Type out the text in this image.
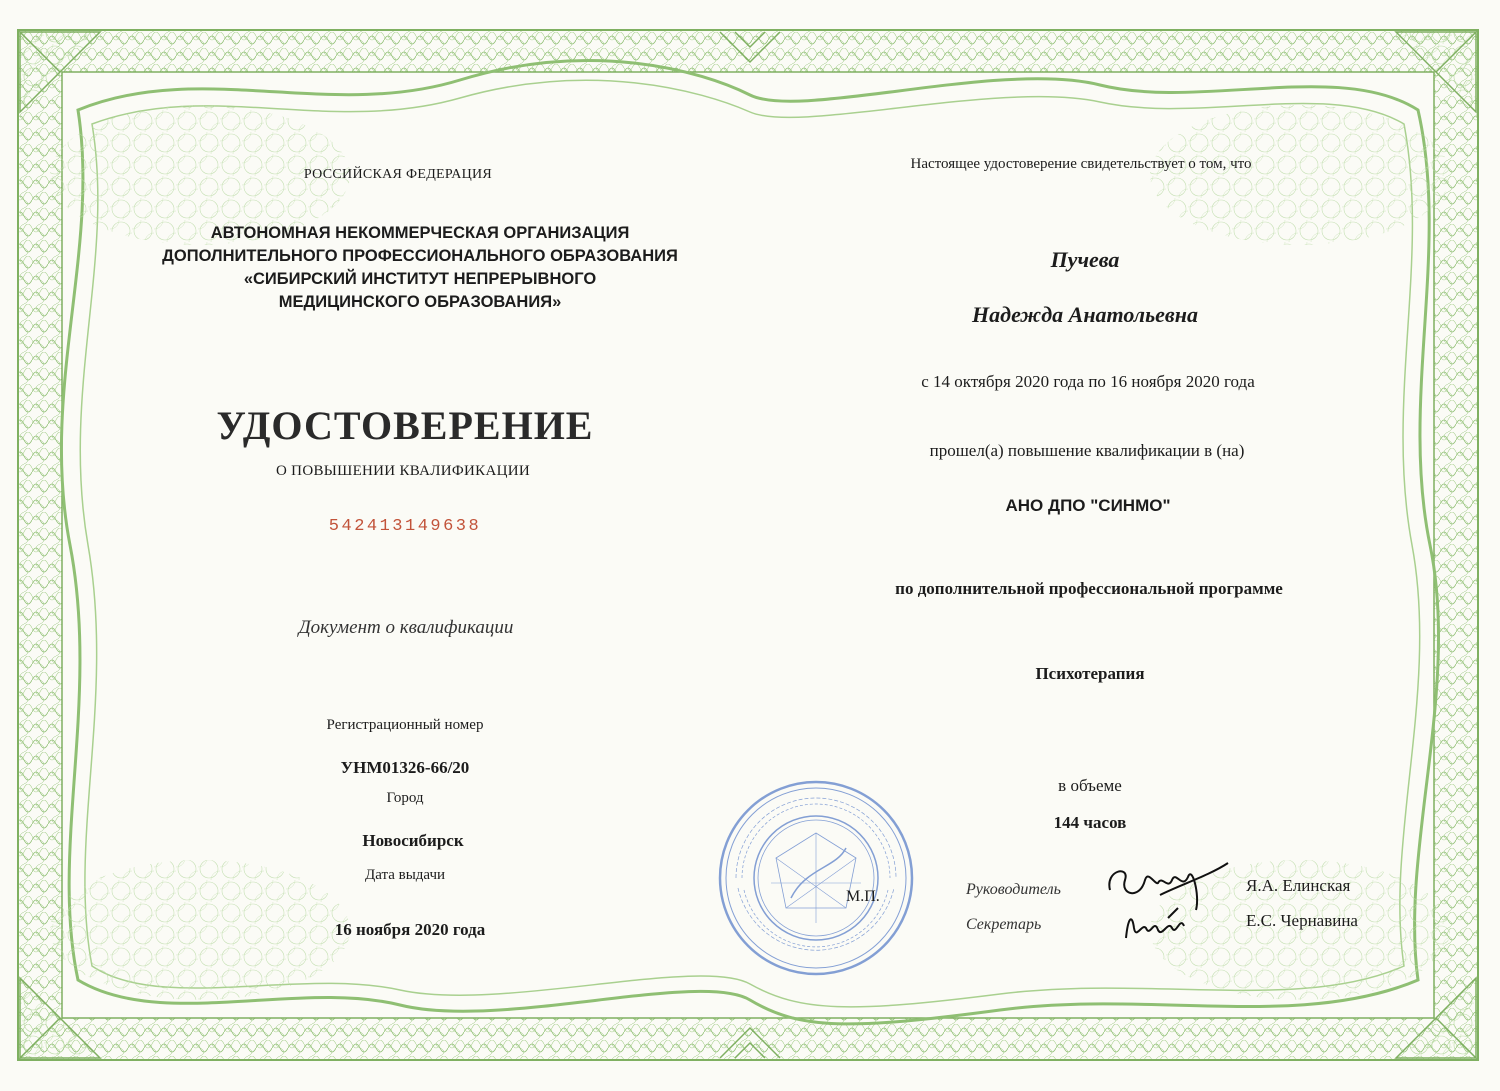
РОССИЙСКАЯ ФЕДЕРАЦИЯ
АВТОНОМНАЯ НЕКОММЕРЧЕСКАЯ ОРГАНИЗАЦИЯ
ДОПОЛНИТЕЛЬНОГО ПРОФЕССИОНАЛЬНОГО ОБРАЗОВАНИЯ
«СИБИРСКИЙ ИНСТИТУТ НЕПРЕРЫВНОГО
МЕДИЦИНСКОГО ОБРАЗОВАНИЯ»
УДОСТОВЕРЕНИЕ
О ПОВЫШЕНИИ КВАЛИФИКАЦИИ
542413149638
Документ о квалификации
Регистрационный номер
УНМ01326-66/20
Город
Новосибирск
Дата выдачи
16 ноября 2020 года
Настоящее удостоверение свидетельствует о том, что
Пучева
Надежда Анатольевна
с 14 октября 2020 года по 16 ноября 2020 года
прошел(а) повышение квалификации в (на)
АНО ДПО "СИНМО"
по дополнительной профессиональной программе
Психотерапия
в объеме
144 часов
М.П.	Руководитель	Я.А. Елинская
Секретарь	Е.С. Чернавина
